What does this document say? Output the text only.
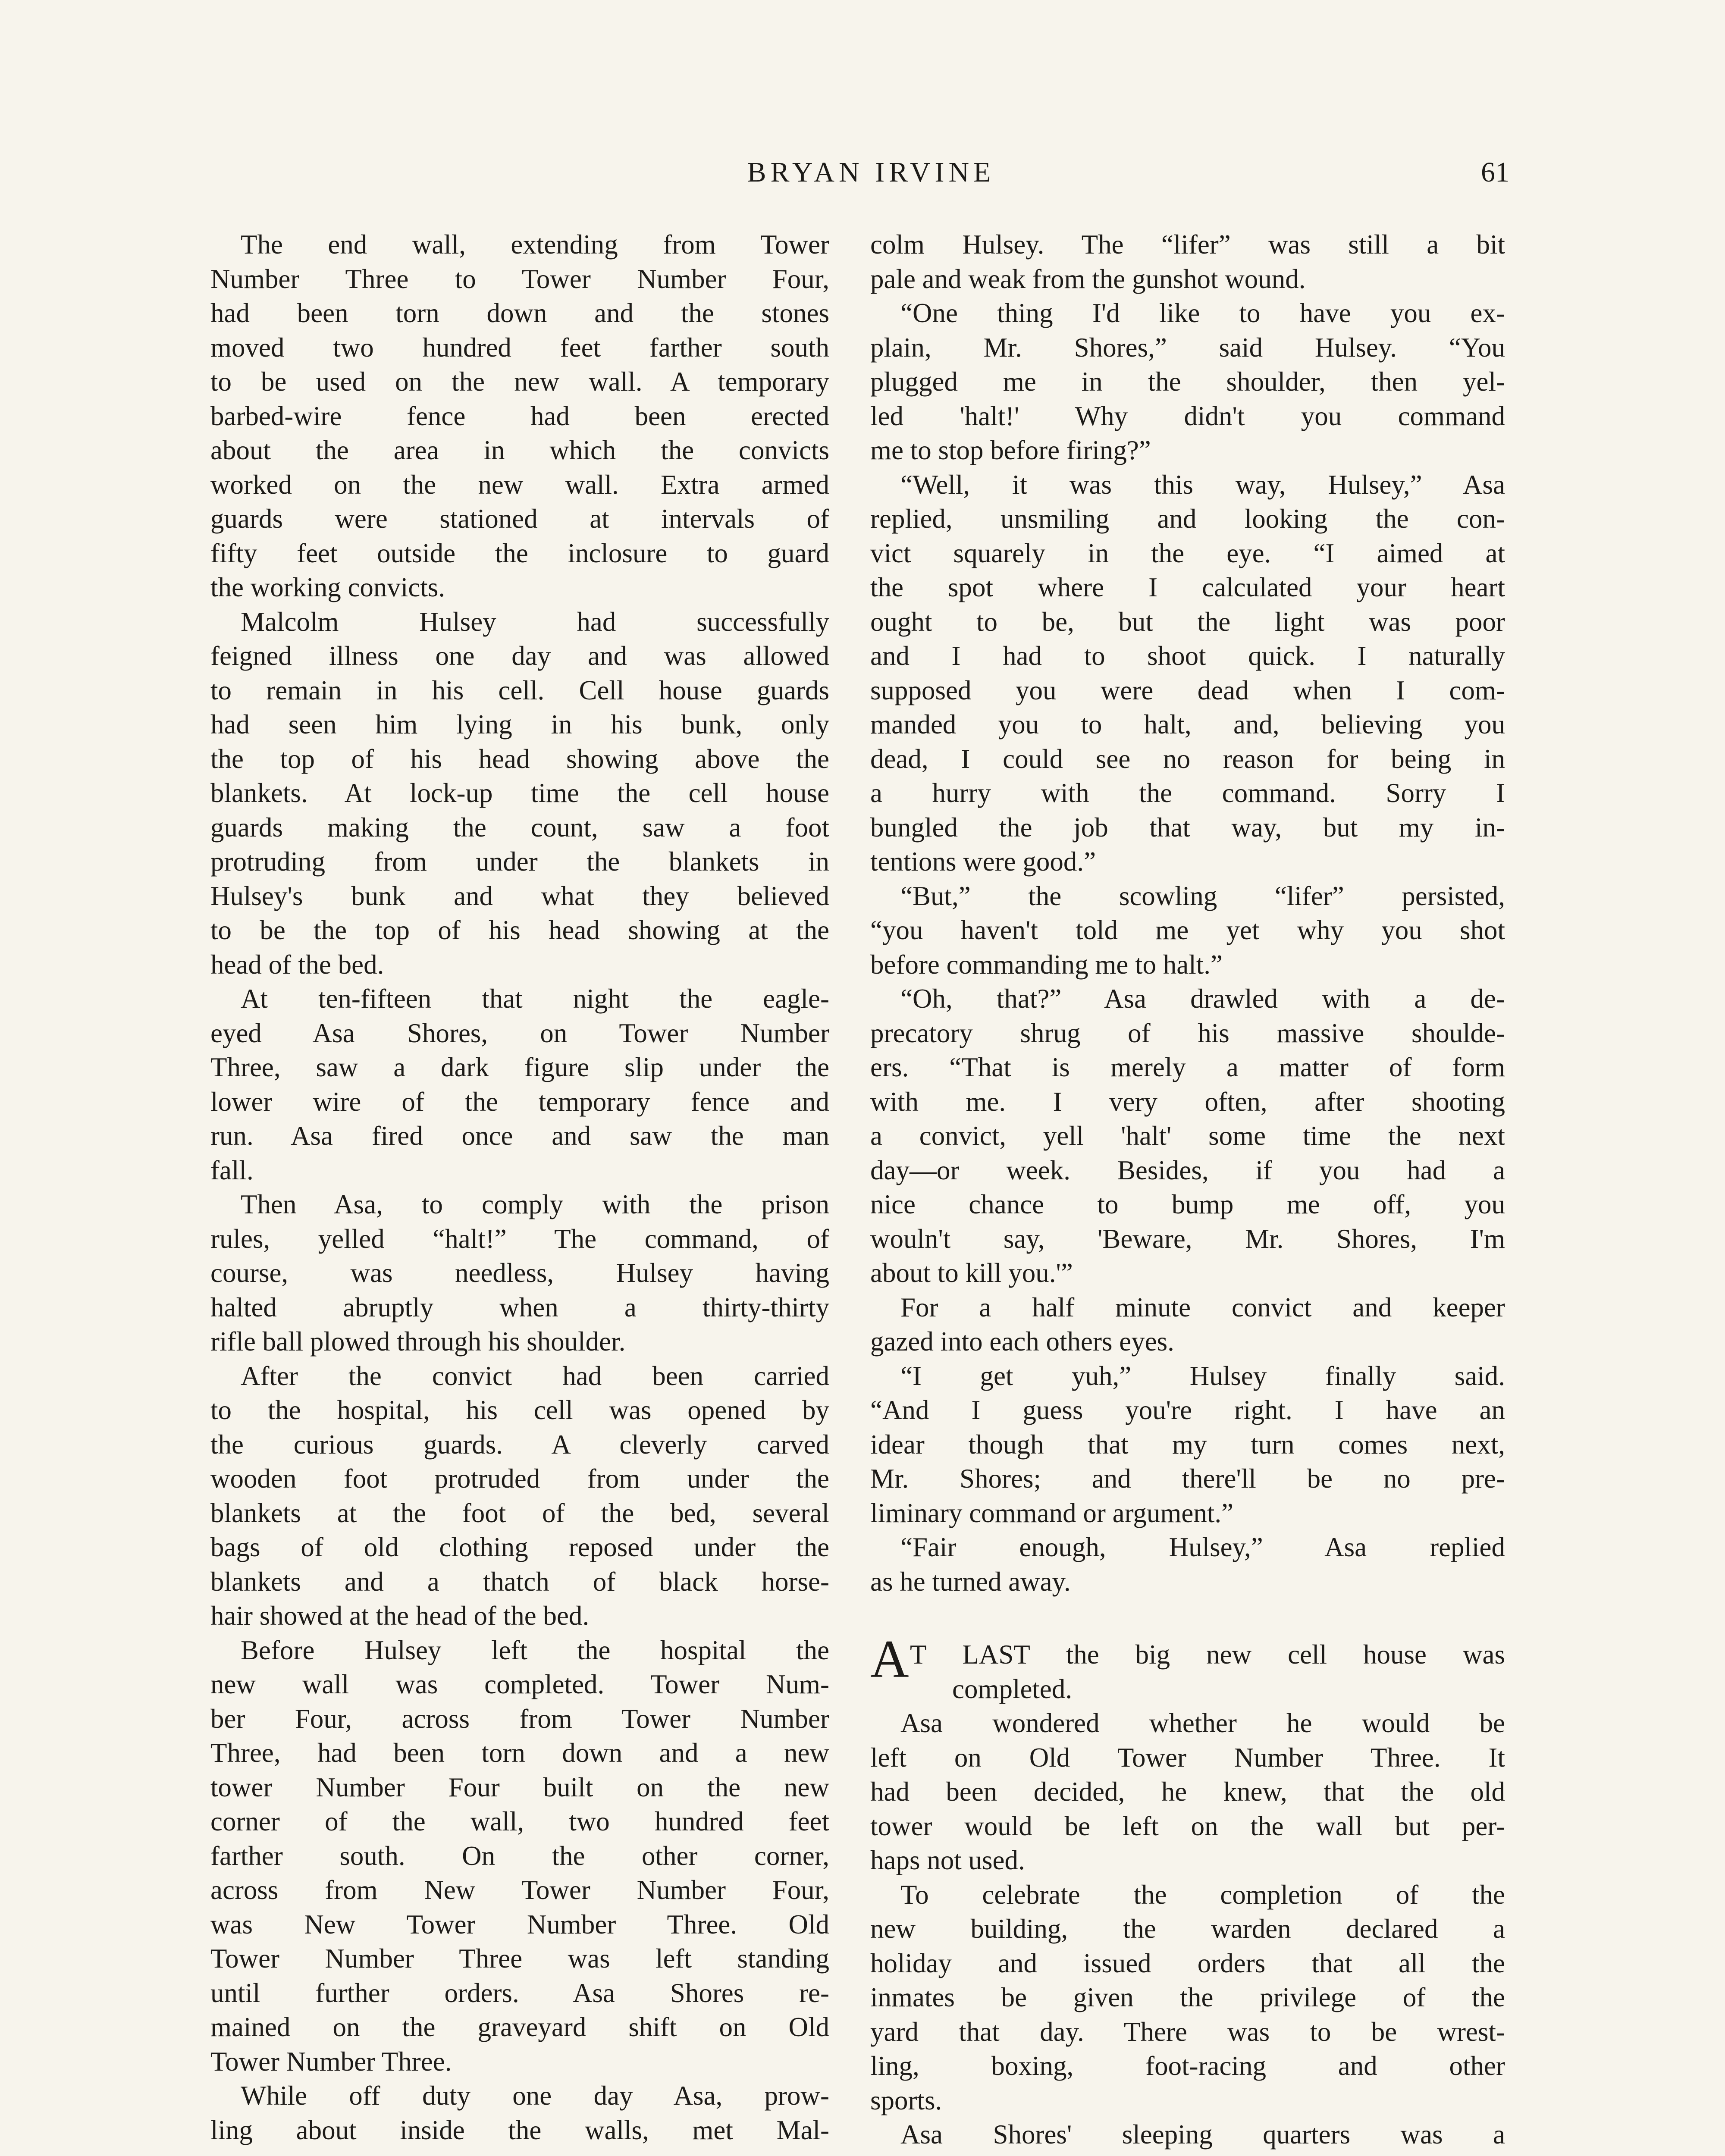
BRYAN IRVINE	61
The end wall, extending from Tower
Number Three to Tower Number Four,
had been torn down and the stones
moved two hundred feet farther south
to be used on the new wall. A temporary
barbed-wire fence had been erected
about the area in which the convicts
worked on the new wall. Extra armed
guards were stationed at intervals of
fifty feet outside the inclosure to guard
the working convicts.
Malcolm Hulsey had successfully
feigned illness one day and was allowed
to remain in his cell. Cell house guards
had seen him lying in his bunk, only
the top of his head showing above the
blankets. At lock-up time the cell house
guards making the count, saw a foot
protruding from under the blankets in
Hulsey's bunk and what they believed
to be the top of his head showing at the
head of the bed.
At ten-fifteen that night the eagle-
eyed Asa Shores, on Tower Number
Three, saw a dark figure slip under the
lower wire of the temporary fence and
run. Asa fired once and saw the man
fall.
Then Asa, to comply with the prison
rules, yelled “halt!” The command, of
course, was needless, Hulsey having
halted abruptly when a thirty-thirty
rifle ball plowed through his shoulder.
After the convict had been carried
to the hospital, his cell was opened by
the curious guards. A cleverly carved
wooden foot protruded from under the
blankets at the foot of the bed, several
bags of old clothing reposed under the
blankets and a thatch of black horse-
hair showed at the head of the bed.
Before Hulsey left the hospital the
new wall was completed. Tower Num-
ber Four, across from Tower Number
Three, had been torn down and a new
tower Number Four built on the new
corner of the wall, two hundred feet
farther south. On the other corner,
across from New Tower Number Four,
was New Tower Number Three. Old
Tower Number Three was left standing
until further orders. Asa Shores re-
mained on the graveyard shift on Old
Tower Number Three.
While off duty one day Asa, prow-
ling about inside the walls, met Mal-
colm Hulsey. The “lifer” was still a bit
pale and weak from the gunshot wound.
“One thing I'd like to have you ex-
plain, Mr. Shores,” said Hulsey. “You
plugged me in the shoulder, then yel-
led 'halt!' Why didn't you command
me to stop before firing?”
“Well, it was this way, Hulsey,” Asa
replied, unsmiling and looking the con-
vict squarely in the eye. “I aimed at
the spot where I calculated your heart
ought to be, but the light was poor
and I had to shoot quick. I naturally
supposed you were dead when I com-
manded you to halt, and, believing you
dead, I could see no reason for being in
a hurry with the command. Sorry I
bungled the job that way, but my in-
tentions were good.”
“But,” the scowling “lifer” persisted,
“you haven't told me yet why you shot
before commanding me to halt.”
“Oh, that?” Asa drawled with a de-
precatory shrug of his massive shoulde-
ers. “That is merely a matter of form
with me. I very often, after shooting
a convict, yell 'halt' some time the next
day—or week. Besides, if you had a
nice chance to bump me off, you
wouln't say, 'Beware, Mr. Shores, I'm
about to kill you.'”
For a half minute convict and keeper
gazed into each others eyes.
“I get yuh,” Hulsey finally said.
“And I guess you're right. I have an
idear though that my turn comes next,
Mr. Shores; and there'll be no pre-
liminary command or argument.”
“Fair enough, Hulsey,” Asa replied
as he turned away.
A T LAST the big new cell house was
completed.
Asa wondered whether he would be
left on Old Tower Number Three. It
had been decided, he knew, that the old
tower would be left on the wall but per-
haps not used.
To celebrate the completion of the
new building, the warden declared a
holiday and issued orders that all the
inmates be given the privilege of the
yard that day. There was to be wrest-
ling, boxing, foot-racing and other
sports.
Asa Shores' sleeping quarters was a
